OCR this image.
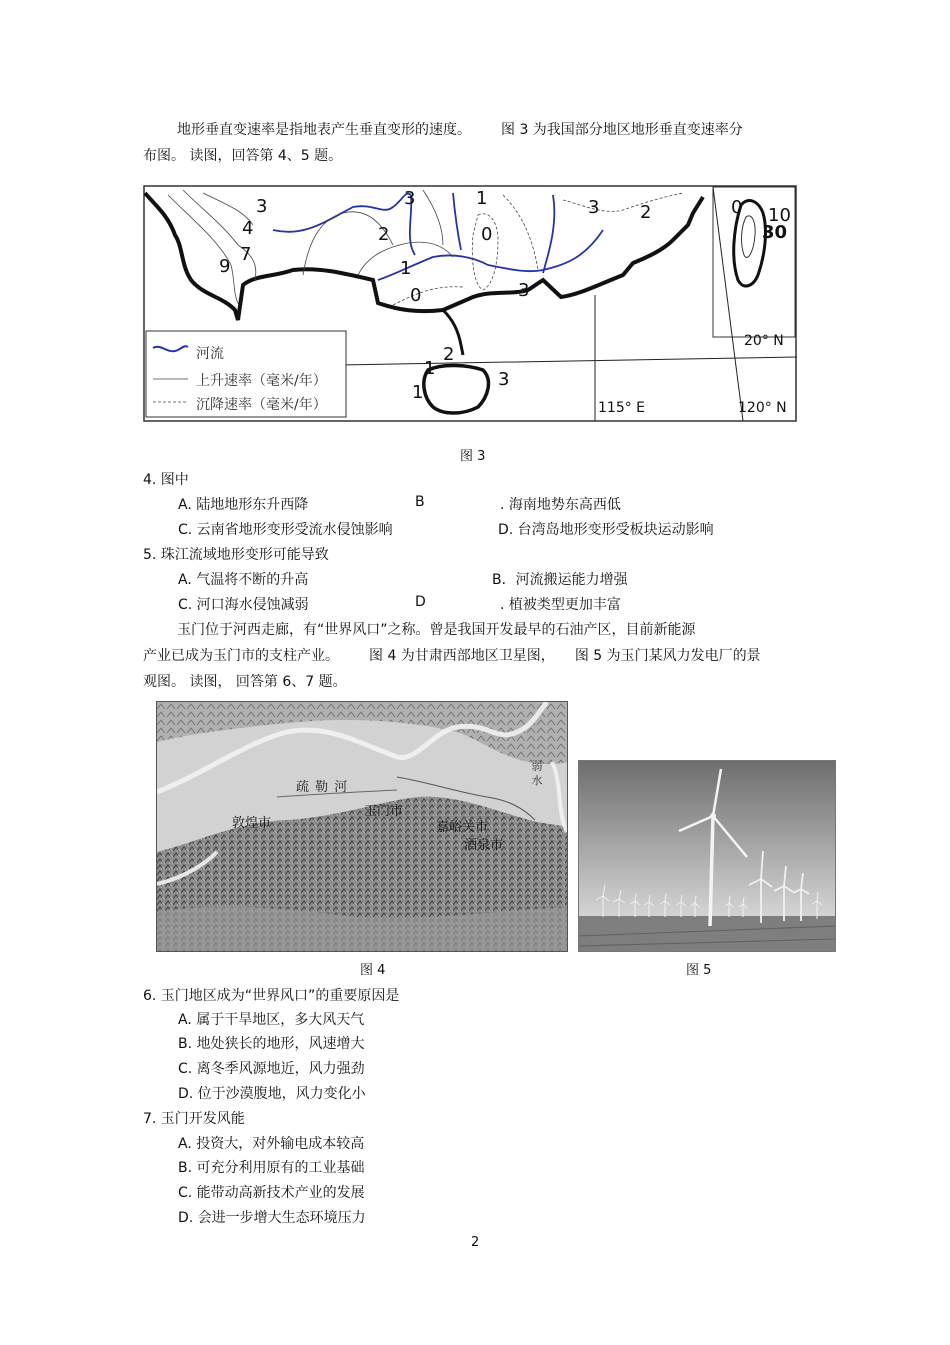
地形垂直变速率是指地表产生垂直变形的速度。 图 3 为我国部分地区地形垂直变速率分
布图。 读图，回答第 4、5 题。
河流
上升速率（毫米/年）
沉降速率（毫米/年）
20° N
115° E	120° N
3
4
7
9
3
2
1
1
0
0	3
3 2	0 10
30
2
1
1
3
图 3
4. 图中
A. 陆地地形东升西降	B	. 海南地势东高西低
C. 云南省地形变形受流水侵蚀影响	D. 台湾岛地形变形受板块运动影响
5. 珠江流域地形变形可能导致
A. 气温将不断的升高	B．河流搬运能力增强
C. 河口海水侵蚀减弱	D	. 植被类型更加丰富
玉门位于河西走廊，有“世界风口”之称。曾是我国开发最早的石油产区，目前新能源
产业已成为玉门市的支柱产业。 图 4 为甘肃西部地区卫星图， 图 5 为玉门某风力发电厂的景
观图。 读图， 回答第 6、7 题。
疏 勒 河
敦煌市
玉门市
嘉峪关市
酒泉市
弱 水
图 4	图 5
6. 玉门地区成为“世界风口”的重要原因是
A. 属于干旱地区，多大风天气
B. 地处狭长的地形，风速增大
C. 离冬季风源地近，风力强劲
D. 位于沙漠腹地，风力变化小
7. 玉门开发风能
A. 投资大，对外输电成本较高
B. 可充分利用原有的工业基础
C. 能带动高新技术产业的发展
D. 会进一步增大生态环境压力
2
